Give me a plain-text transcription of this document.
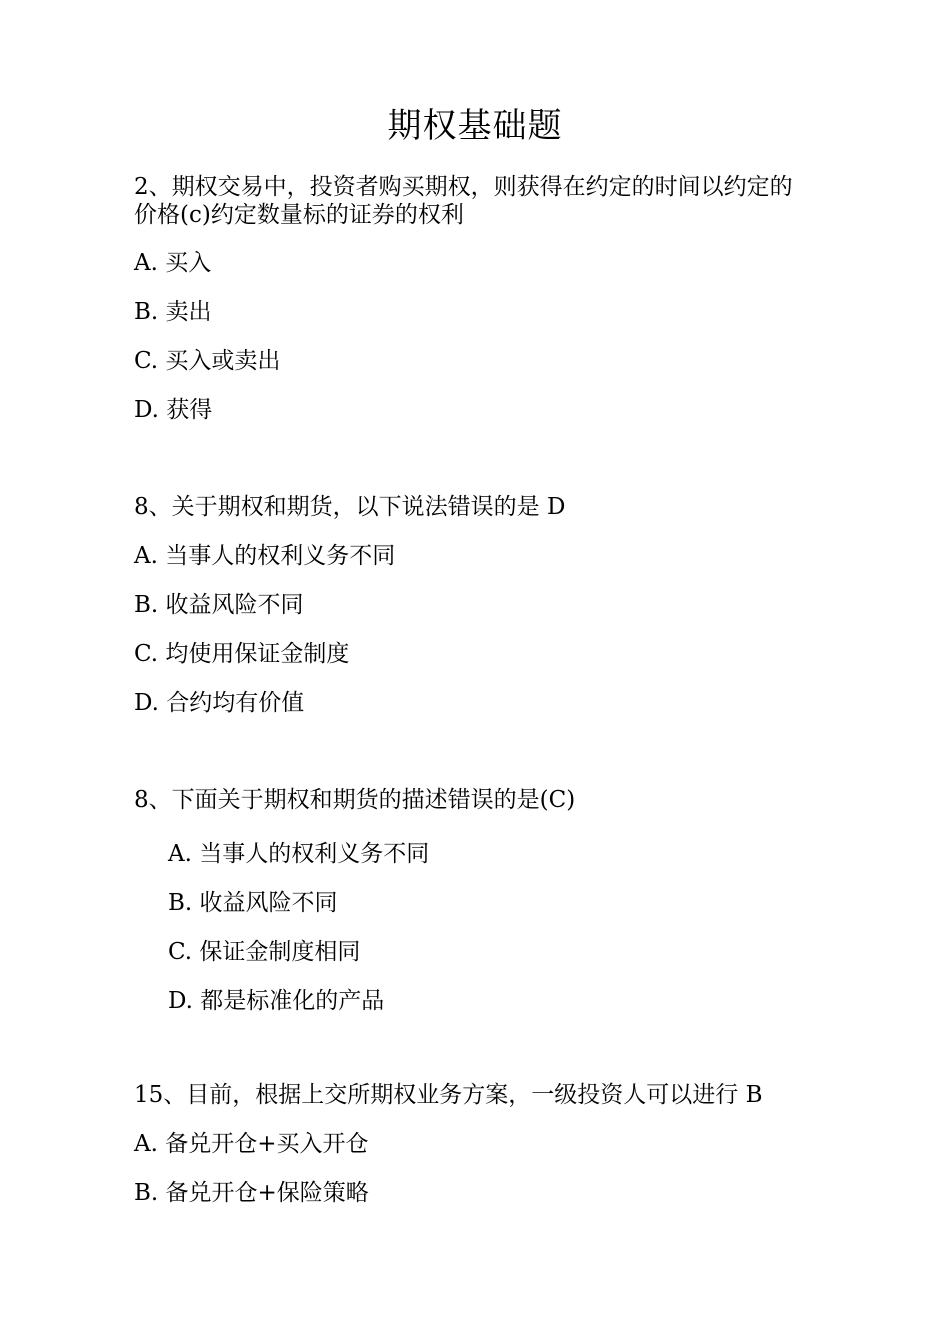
期权基础题
2、期权交易中，投资者购买期权，则获得在约定的时间以约定的
价格(c)约定数量标的证券的权利
A. 买入
B. 卖出
C. 买入或卖出
D. 获得
8、关于期权和期货，以下说法错误的是 D
A. 当事人的权利义务不同
B. 收益风险不同
C. 均使用保证金制度
D. 合约均有价值
8、下面关于期权和期货的描述错误的是(C)
A. 当事人的权利义务不同
B. 收益风险不同
C. 保证金制度相同
D. 都是标准化的产品
15、目前，根据上交所期权业务方案，一级投资人可以进行 B
A. 备兑开仓+买入开仓
B. 备兑开仓+保险策略
